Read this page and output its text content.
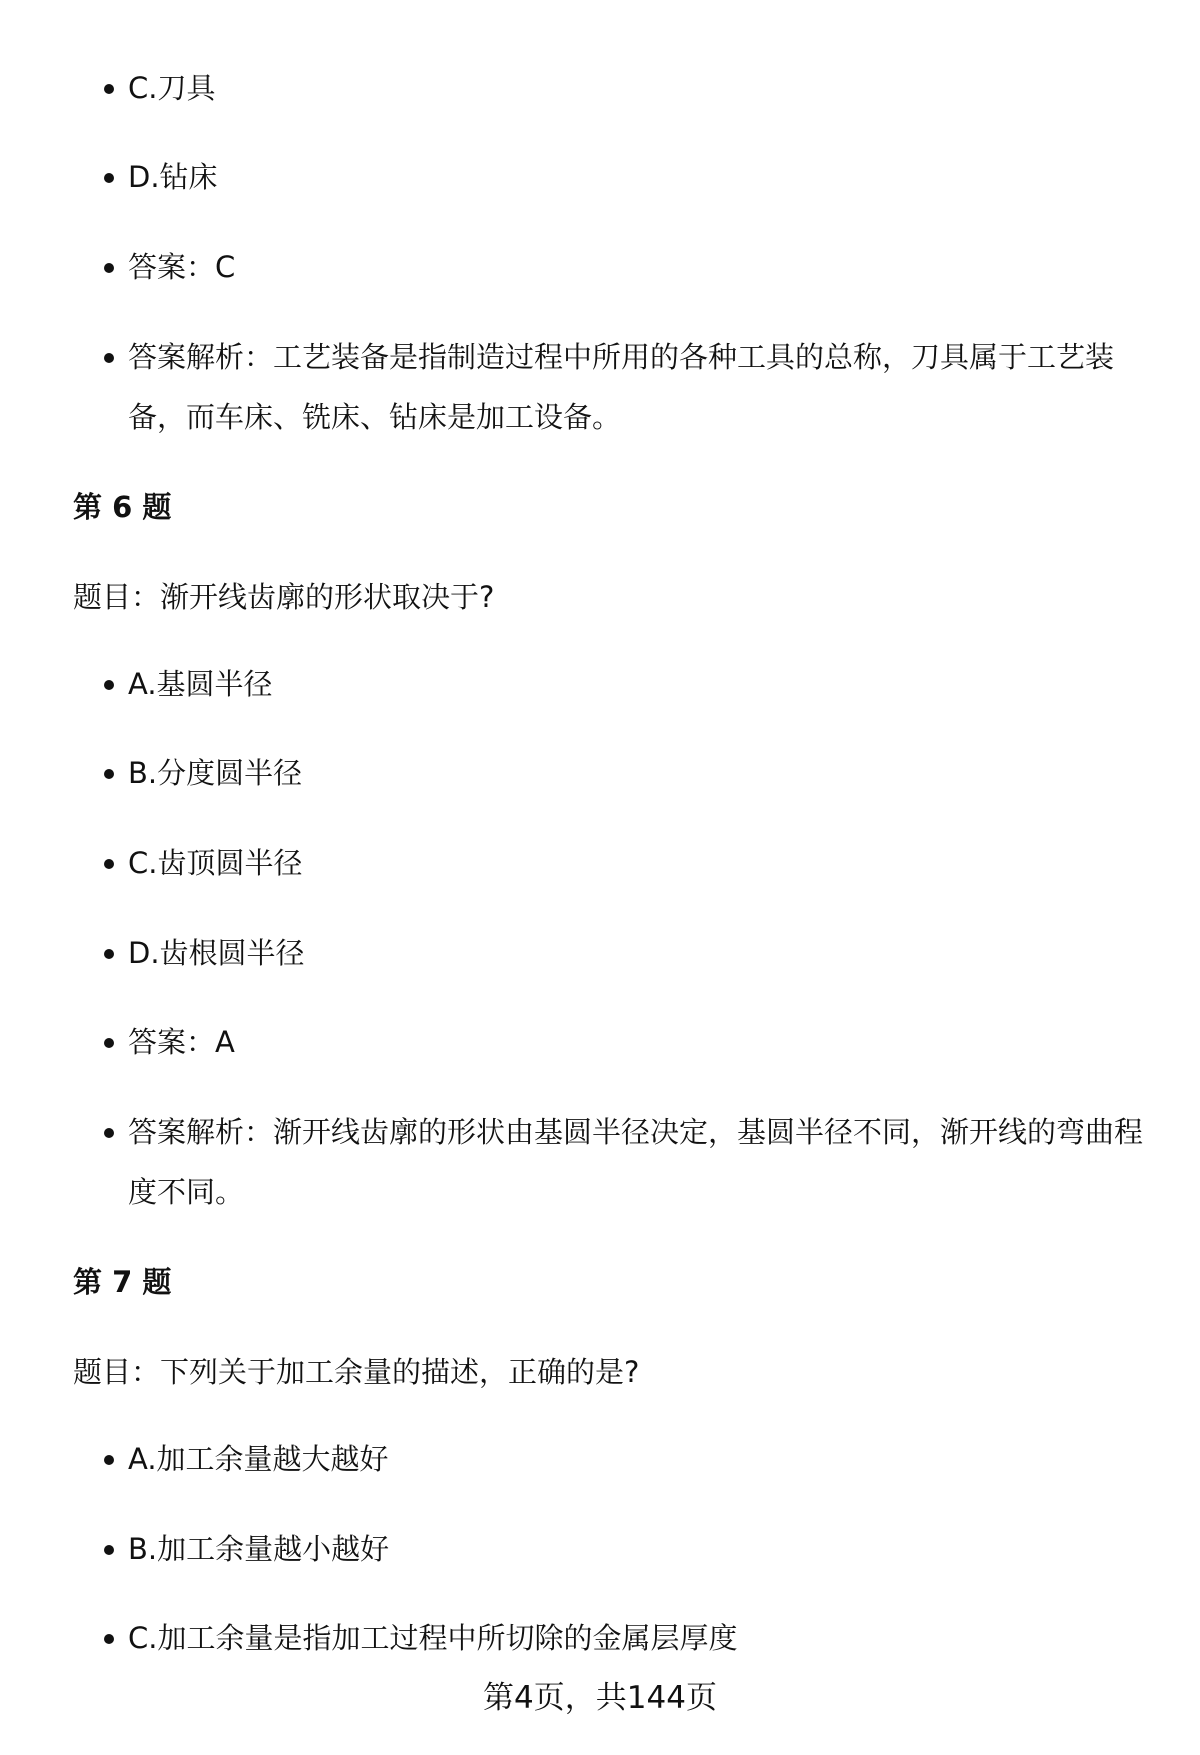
C.刀具
D.钻床
答案：C
答案解析：工艺装备是指制造过程中所用的各种工具的总称，刀具属于工艺装备，而车床、铣床、钻床是加工设备。
第 6 题
题目：渐开线齿廓的形状取决于?
A.基圆半径
B.分度圆半径
C.齿顶圆半径
D.齿根圆半径
答案：A
答案解析：渐开线齿廓的形状由基圆半径决定，基圆半径不同，渐开线的弯曲程度不同。
第 7 题
题目：下列关于加工余量的描述，正确的是?
A.加工余量越大越好
B.加工余量越小越好
C.加工余量是指加工过程中所切除的金属层厚度
第4页，共144页
